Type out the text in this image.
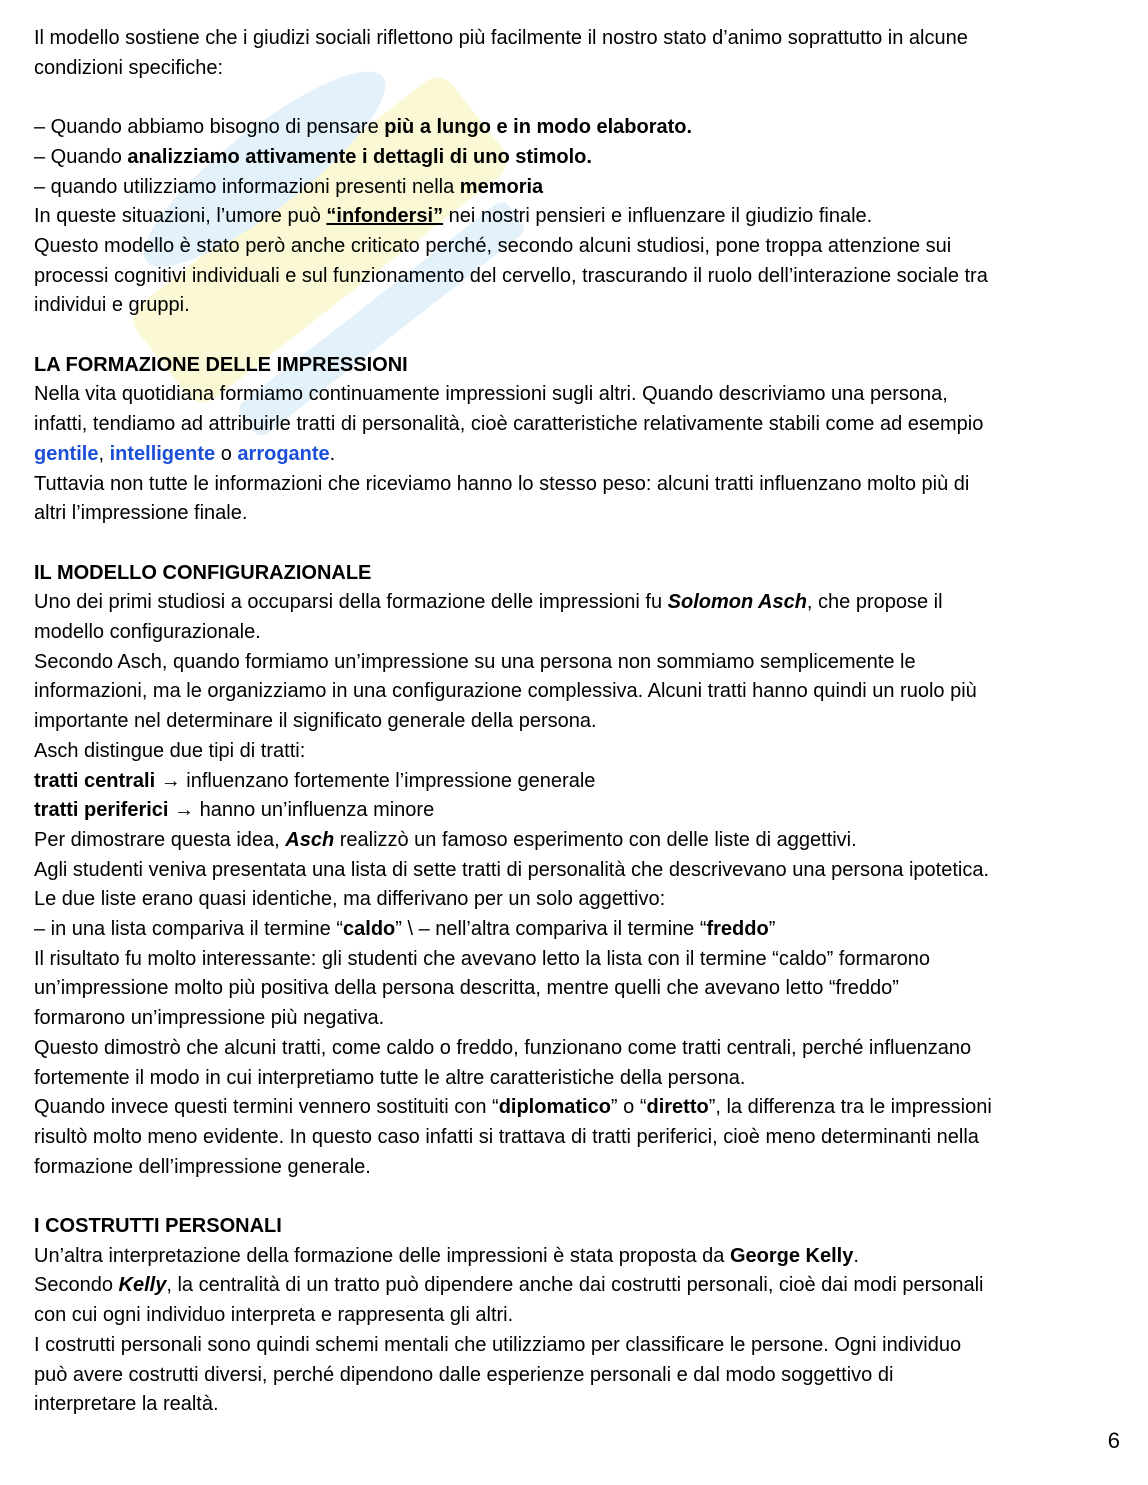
Il modello sostiene che i giudizi sociali riflettono più facilmente il nostro stato d’animo soprattutto in alcune
condizioni specifiche:
– Quando abbiamo bisogno di pensare più a lungo e in modo elaborato.
– Quando analizziamo attivamente i dettagli di uno stimolo.
– quando utilizziamo informazioni presenti nella memoria
In queste situazioni, l’umore può “infondersi” nei nostri pensieri e influenzare il giudizio finale.
Questo modello è stato però anche criticato perché, secondo alcuni studiosi, pone troppa attenzione sui
processi cognitivi individuali e sul funzionamento del cervello, trascurando il ruolo dell’interazione sociale tra
individui e gruppi.
LA FORMAZIONE DELLE IMPRESSIONI
Nella vita quotidiana formiamo continuamente impressioni sugli altri. Quando descriviamo una persona,
infatti, tendiamo ad attribuirle tratti di personalità, cioè caratteristiche relativamente stabili come ad esempio
gentile, intelligente o arrogante.
Tuttavia non tutte le informazioni che riceviamo hanno lo stesso peso: alcuni tratti influenzano molto più di
altri l’impressione finale.
IL MODELLO CONFIGURAZIONALE
Uno dei primi studiosi a occuparsi della formazione delle impressioni fu Solomon Asch, che propose il
modello configurazionale.
Secondo Asch, quando formiamo un’impressione su una persona non sommiamo semplicemente le
informazioni, ma le organizziamo in una configurazione complessiva. Alcuni tratti hanno quindi un ruolo più
importante nel determinare il significato generale della persona.
Asch distingue due tipi di tratti:
tratti centrali → influenzano fortemente l’impressione generale
tratti periferici → hanno un’influenza minore
Per dimostrare questa idea, Asch realizzò un famoso esperimento con delle liste di aggettivi.
Agli studenti veniva presentata una lista di sette tratti di personalità che descrivevano una persona ipotetica.
Le due liste erano quasi identiche, ma differivano per un solo aggettivo:
– in una lista compariva il termine “caldo” \ – nell’altra compariva il termine “freddo”
Il risultato fu molto interessante: gli studenti che avevano letto la lista con il termine “caldo” formarono
un’impressione molto più positiva della persona descritta, mentre quelli che avevano letto “freddo”
formarono un’impressione più negativa.
Questo dimostrò che alcuni tratti, come caldo o freddo, funzionano come tratti centrali, perché influenzano
fortemente il modo in cui interpretiamo tutte le altre caratteristiche della persona.
Quando invece questi termini vennero sostituiti con “diplomatico” o “diretto”, la differenza tra le impressioni
risultò molto meno evidente. In questo caso infatti si trattava di tratti periferici, cioè meno determinanti nella
formazione dell’impressione generale.
I COSTRUTTI PERSONALI
Un’altra interpretazione della formazione delle impressioni è stata proposta da George Kelly.
Secondo Kelly, la centralità di un tratto può dipendere anche dai costrutti personali, cioè dai modi personali
con cui ogni individuo interpreta e rappresenta gli altri.
I costrutti personali sono quindi schemi mentali che utilizziamo per classificare le persone. Ogni individuo
può avere costrutti diversi, perché dipendono dalle esperienze personali e dal modo soggettivo di
interpretare la realtà.
6
